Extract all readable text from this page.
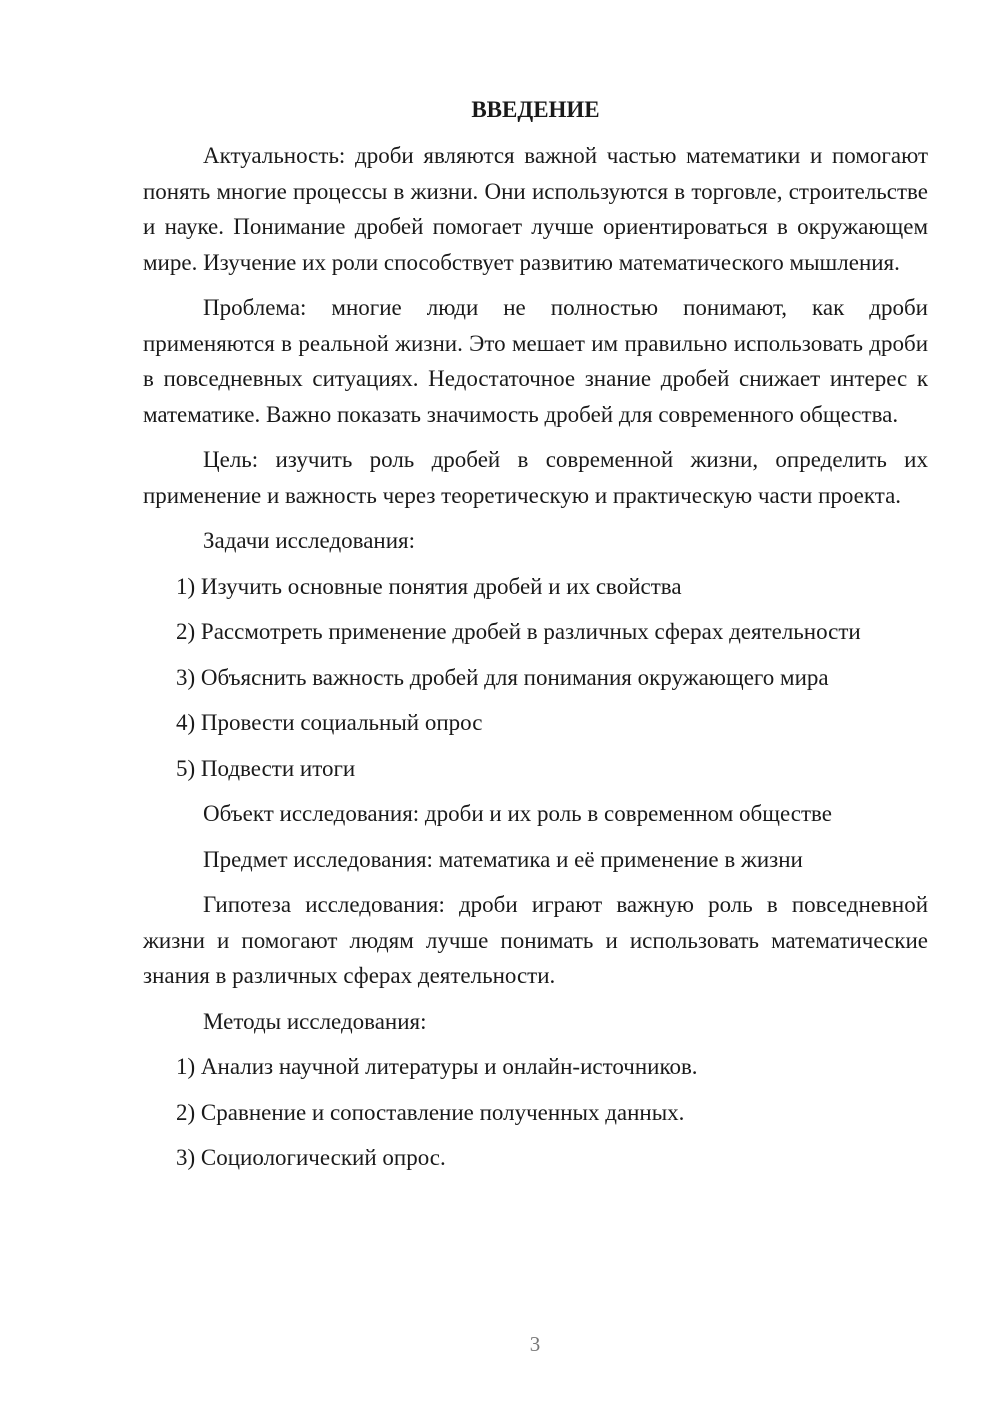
ВВЕДЕНИЕ
Актуальность: дроби являются важной частью математики и помогают понять многие процессы в жизни. Они используются в торговле, строительстве и науке. Понимание дробей помогает лучше ориентироваться в окружающем мире. Изучение их роли способствует развитию математического мышления.
Проблема: многие люди не полностью понимают, как дроби применяются в реальной жизни. Это мешает им правильно использовать дроби в повседневных ситуациях. Недостаточное знание дробей снижает интерес к математике. Важно показать значимость дробей для современного общества.
Цель: изучить роль дробей в современной жизни, определить их применение и важность через теоретическую и практическую части проекта.
Задачи исследования:
1) Изучить основные понятия дробей и их свойства
2) Рассмотреть применение дробей в различных сферах деятельности
3) Объяснить важность дробей для понимания окружающего мира
4) Провести социальный опрос
5) Подвести итоги
Объект исследования: дроби и их роль в современном обществе
Предмет исследования: математика и её применение в жизни
Гипотеза исследования: дроби играют важную роль в повседневной жизни и помогают людям лучше понимать и использовать математические знания в различных сферах деятельности.
Методы исследования:
1) Анализ научной литературы и онлайн-источников.
2) Сравнение и сопоставление полученных данных.
3) Социологический опрос.
3
